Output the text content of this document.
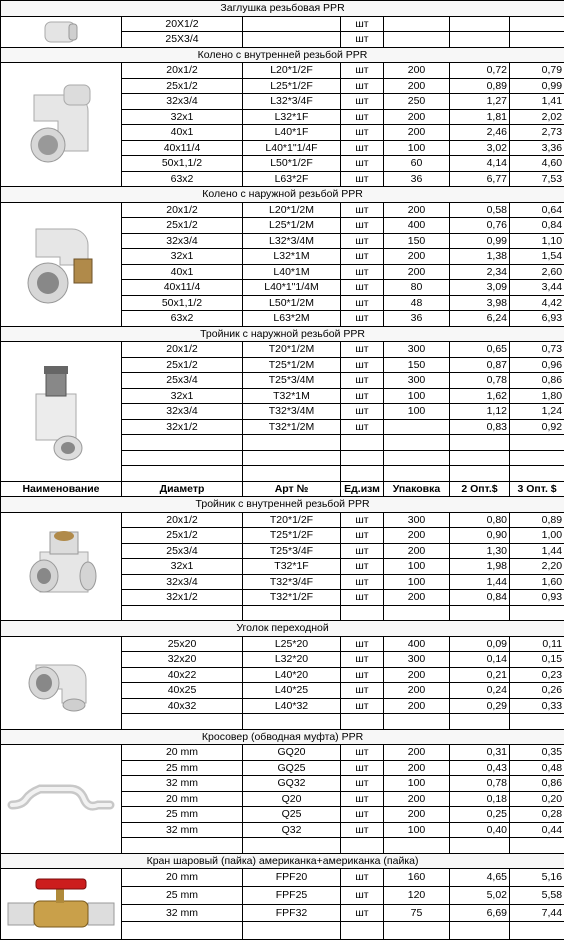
Заглушка резьбовая PPR						

	20X1/2		шт			
	25X3/4		шт			
Колено с внутренней резьбой PPR						

	20x1/2	L20*1/2F	шт	200	0,72	0,79
	25x1/2	L25*1/2F	шт	200	0,89	0,99
	32x3/4	L32*3/4F	шт	250	1,27	1,41
	32x1	L32*1F	шт	200	1,81	2,02
	40x1	L40*1F	шт	200	2,46	2,73
	40x11/4	L40*1"1/4F	шт	100	3,02	3,36
	50x1,1/2	L50*1/2F	шт	60	4,14	4,60
	63x2	L63*2F	шт	36	6,77	7,53
Колено с наружной резьбой PPR						

	20x1/2	L20*1/2M	шт	200	0,58	0,64
	25x1/2	L25*1/2M	шт	400	0,76	0,84
	32x3/4	L32*3/4M	шт	150	0,99	1,10
	32x1	L32*1M	шт	200	1,38	1,54
	40x1	L40*1M	шт	200	2,34	2,60
	40x11/4	L40*1"1/4M	шт	80	3,09	3,44
	50x1,1/2	L50*1/2M	шт	48	3,98	4,42
	63x2	L63*2M	шт	36	6,24	6,93
Тройник с наружной резьбой PPR						

	20x1/2	T20*1/2M	шт	300	0,65	0,73
	25x1/2	T25*1/2M	шт	150	0,87	0,96
	25x3/4	T25*3/4M	шт	300	0,78	0,86
	32x1	T32*1M	шт	100	1,62	1,80
	32x3/4	T32*3/4M	шт	100	1,12	1,24
	32x1/2	T32*1/2M	шт		0,83	0,92

Наименование	Диаметр	Арт №	Ед.изм	Упаковка	2 Опт.$	3 Опт. $
Тройник с внутренней резьбой PPR						

	20x1/2	T20*1/2F	шт	300	0,80	0,89
	25x1/2	T25*1/2F	шт	200	0,90	1,00
	25x3/4	T25*3/4F	шт	200	1,30	1,44
	32x1	T32*1F	шт	100	1,98	2,20
	32x3/4	T32*3/4F	шт	100	1,44	1,60
	32x1/2	T32*1/2F	шт	200	0,84	0,93

Уголок переходной						

	25x20	L25*20	шт	400	0,09	0,11
	32x20	L32*20	шт	300	0,14	0,15
	40x22	L40*20	шт	200	0,21	0,23
	40x25	L40*25	шт	200	0,24	0,26
	40x32	L40*32	шт	200	0,29	0,33

Кросовер (обводная муфта) PPR						

	20 mm	GQ20	шт	200	0,31	0,35
	25 mm	GQ25	шт	200	0,43	0,48
	32 mm	GQ32	шт	100	0,78	0,86
	20 mm	Q20	шт	200	0,18	0,20
	25 mm	Q25	шт	200	0,25	0,28
	32 mm	Q32	шт	100	0,40	0,44

Кран шаровый (пайка) американка+американка (пайка)						

	20 mm	FPF20	шт	160	4,65	5,16
	25 mm	FPF25	шт	120	5,02	5,58
	32 mm	FPF32	шт	75	6,69	7,44
